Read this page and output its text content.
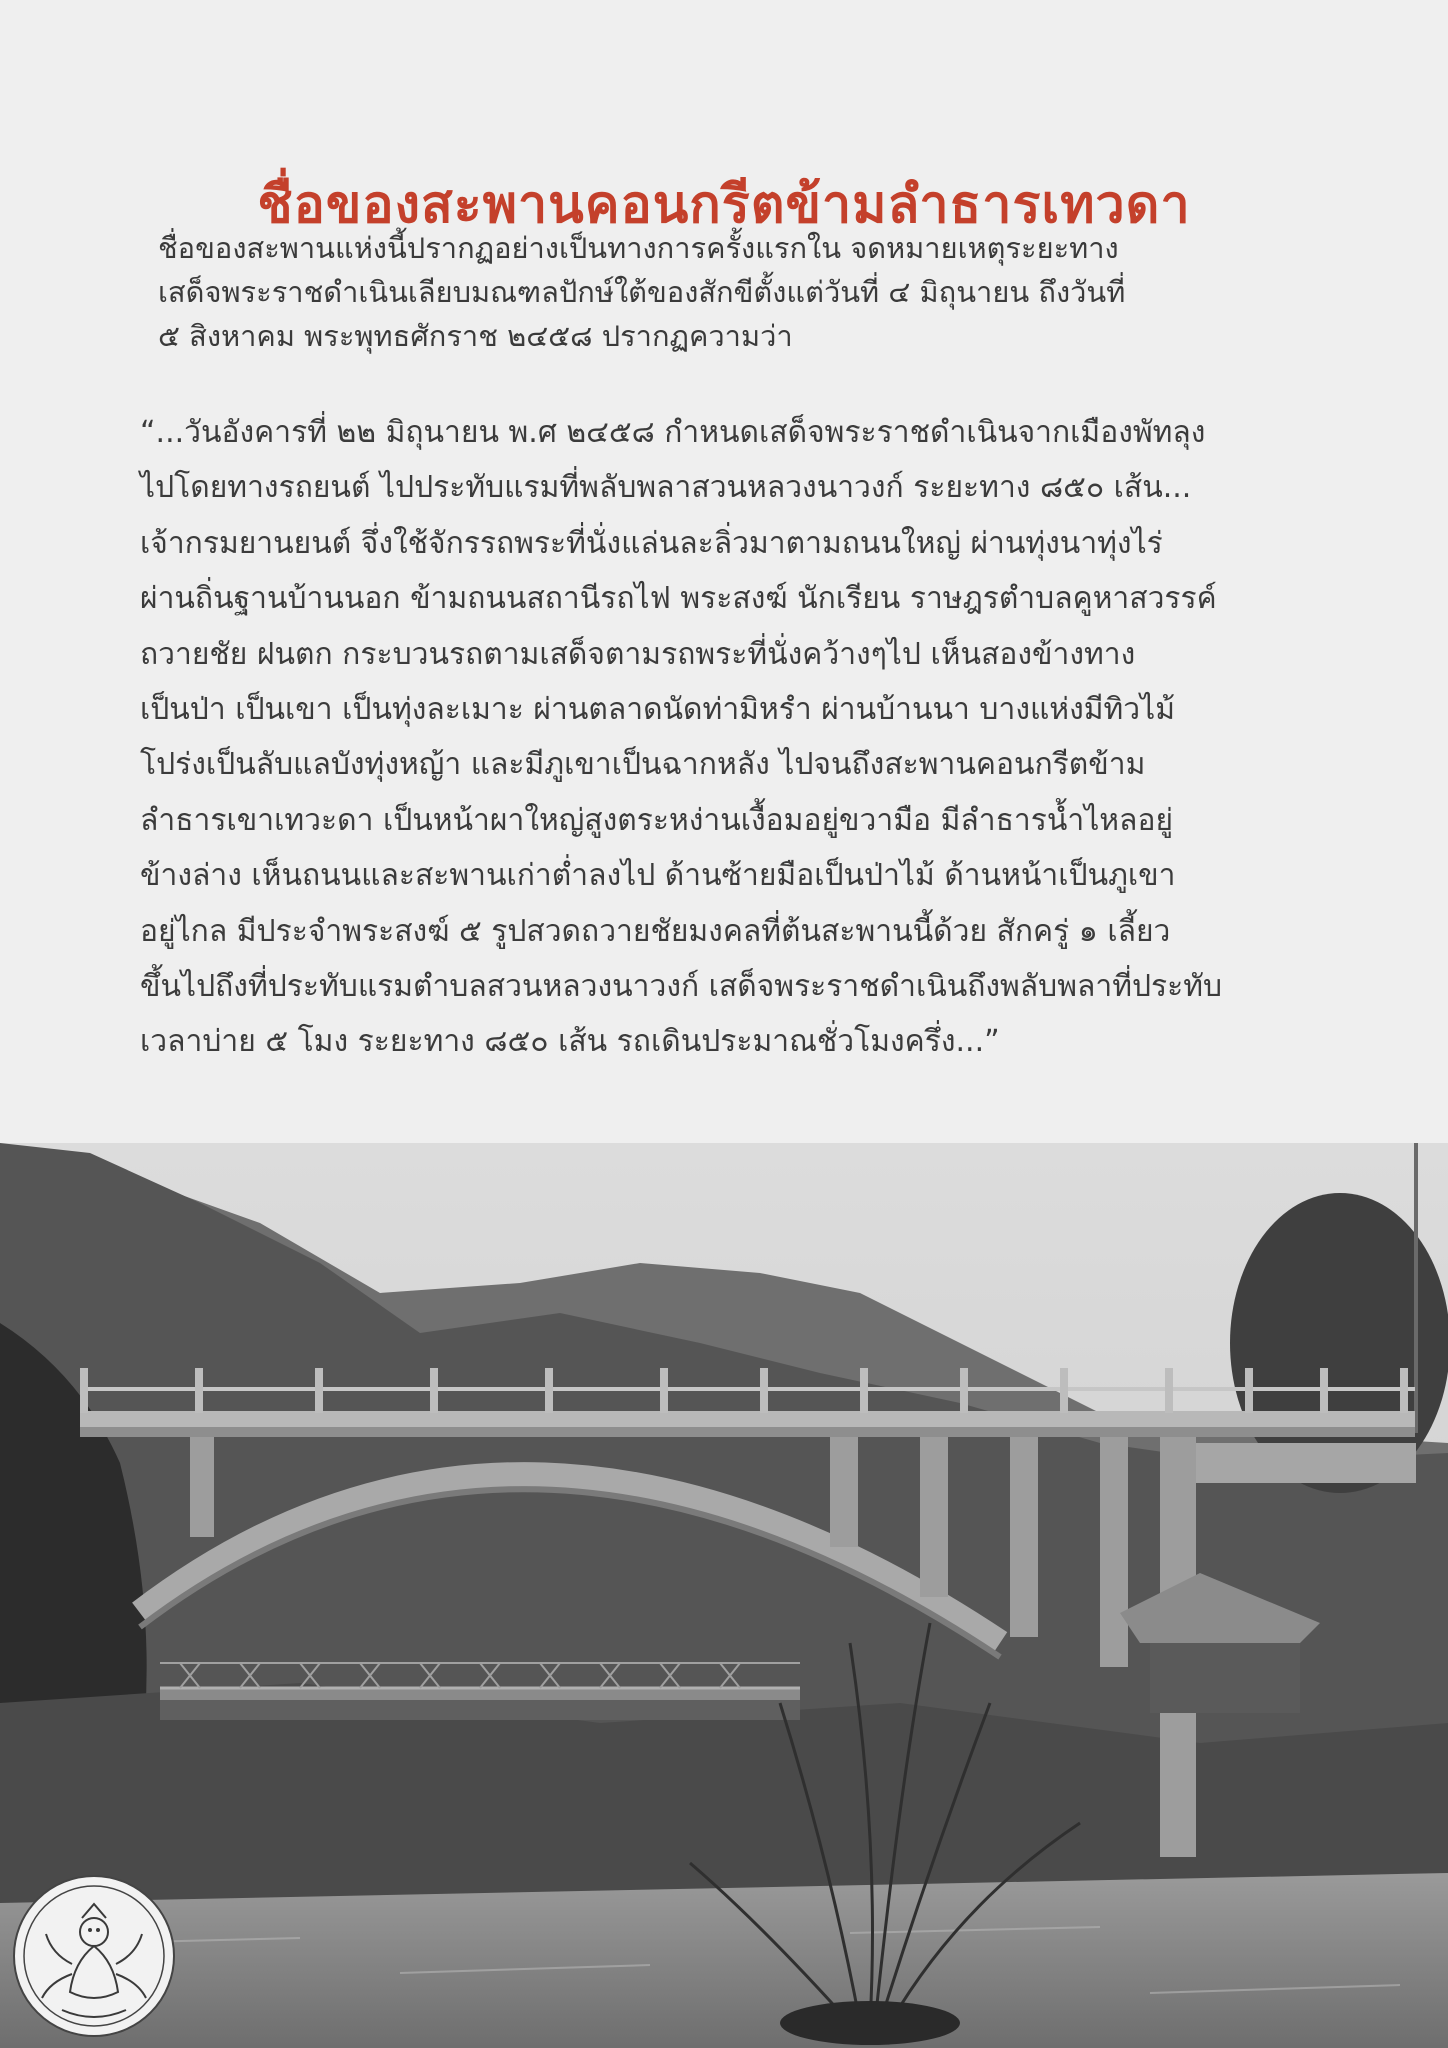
ชื่อของสะพานคอนกรีตข้ามลำธารเทวดา

ชื่อของสะพานแห่งนี้ปรากฏอย่างเป็นทางการครั้งแรกใน จดหมายเหตุระยะทาง
เสด็จพระราชดำเนินเลียบมณฑลปักษ์ใต้ของสักขีตั้งแต่วันที่ ๔ มิถุนายน ถึงวันที่
๕ สิงหาคม พระพุทธศักราช ๒๔๕๘ ปรากฏความว่า

“...วันอังคารที่ ๒๒ มิถุนายน พ.ศ ๒๔๕๘ กำหนดเสด็จพระราชดำเนินจากเมืองพัทลุง
ไปโดยทางรถยนต์ ไปประทับแรมที่พลับพลาสวนหลวงนาวงก์ ระยะทาง ๘๕๐ เส้น...
เจ้ากรมยานยนต์ จึ่งใช้จักรรถพระที่นั่งแล่นละลิ่วมาตามถนนใหญ่ ผ่านทุ่งนาทุ่งไร่
ผ่านถิ่นฐานบ้านนอก ข้ามถนนสถานีรถไฟ พระสงฆ์ นักเรียน ราษฎรตำบลคูหาสวรรค์
ถวายชัย ฝนตก กระบวนรถตามเสด็จตามรถพระที่นั่งคว้างๆไป เห็นสองข้างทาง
เป็นป่า เป็นเขา เป็นทุ่งละเมาะ ผ่านตลาดนัดท่ามิหรำ ผ่านบ้านนา บางแห่งมีทิวไม้
โปร่งเป็นลับแลบังทุ่งหญ้า และมีภูเขาเป็นฉากหลัง ไปจนถึงสะพานคอนกรีตข้าม
ลำธารเขาเทวะดา เป็นหน้าผาใหญ่สูงตระหง่านเงื้อมอยู่ขวามือ มีลำธารน้ำไหลอยู่
ข้างล่าง เห็นถนนและสะพานเก่าต่ำลงไป ด้านซ้ายมือเป็นป่าไม้ ด้านหน้าเป็นภูเขา
อยู่ไกล มีประจำพระสงฆ์ ๕ รูปสวดถวายชัยมงคลที่ต้นสะพานนี้ด้วย สักครู่ ๑ เลี้ยว
ขึ้นไปถึงที่ประทับแรมตำบลสวนหลวงนาวงก์ เสด็จพระราชดำเนินถึงพลับพลาที่ประทับ
เวลาบ่าย ๕ โมง ระยะทาง ๘๕๐ เส้น รถเดินประมาณชั่วโมงครึ่ง...”
